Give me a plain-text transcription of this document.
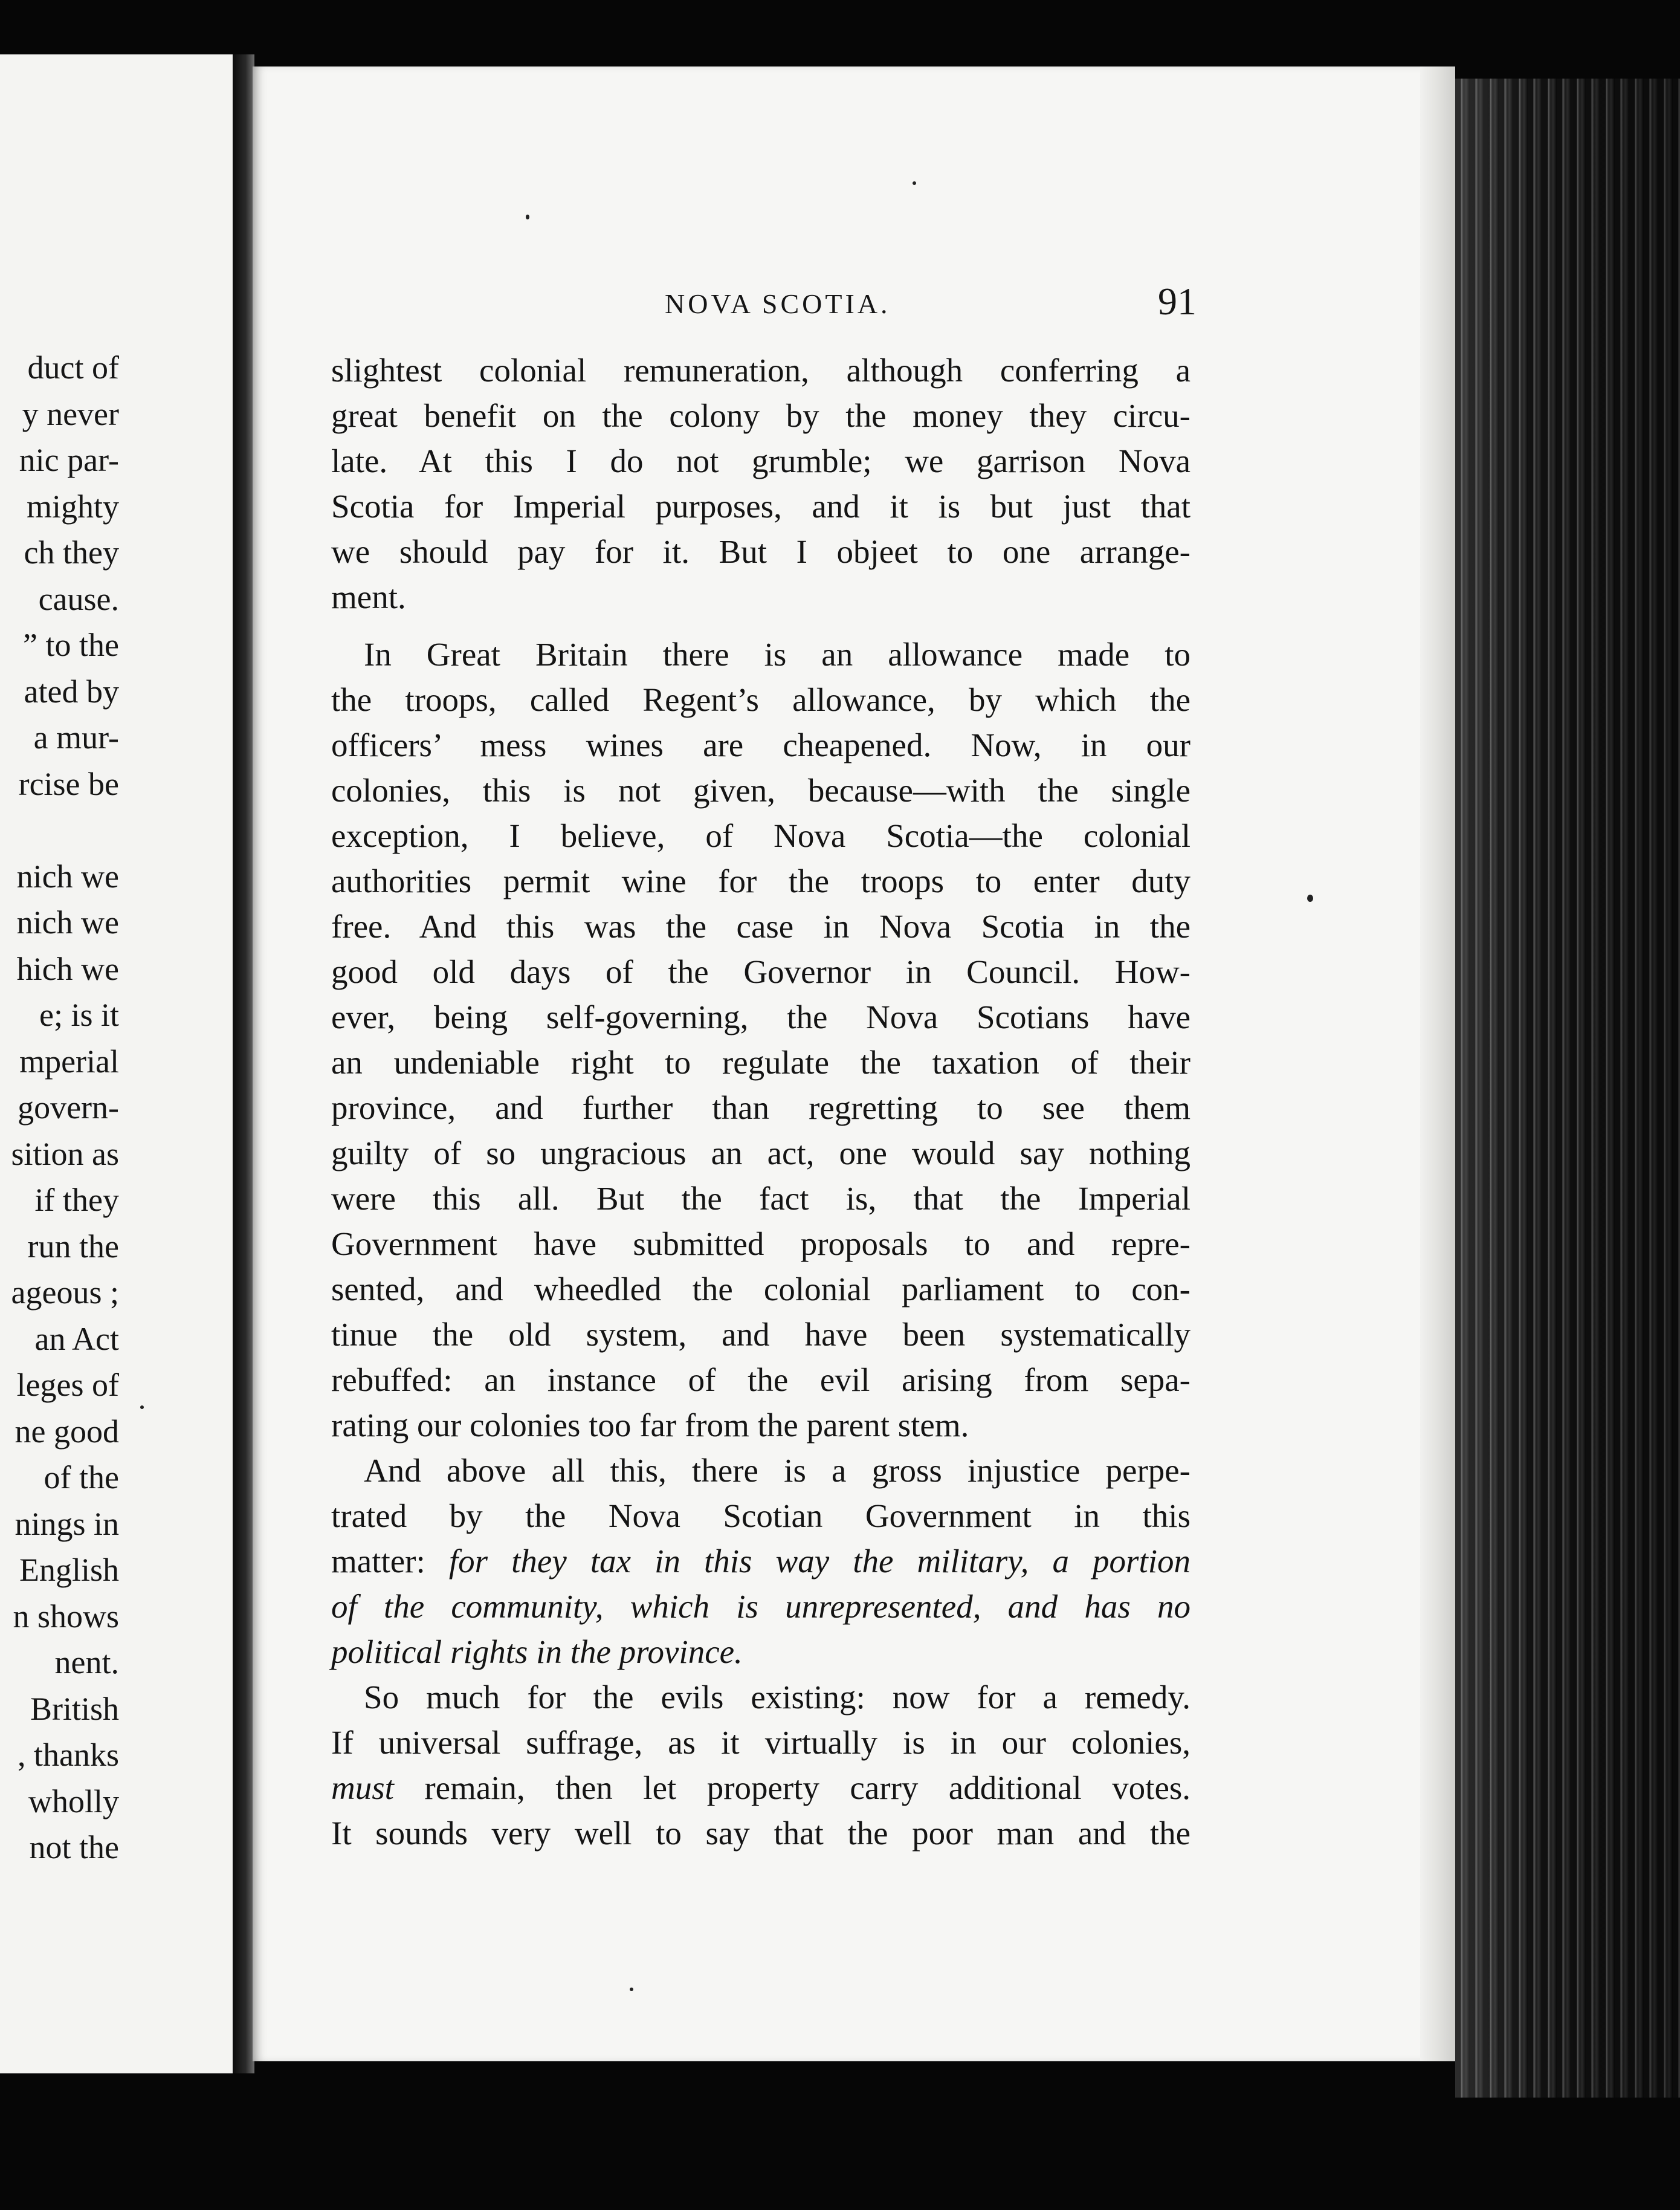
duct of
y never
nic par-
mighty
ch they
cause.
” to the
ated by
a mur-
rcise be
nich we
nich we
hich we
e; is it
mperial
govern-
sition as
if they
run the
ageous ;
an Act
leges of
ne good
of the
nings in
English
n shows
nent.
British
, thanks
wholly
not the
NOVA SCOTIA.	91
slightest colonial remuneration, although conferring a
great benefit on the colony by the money they circu-
late. At this I do not grumble; we garrison Nova
Scotia for Imperial purposes, and it is but just that
we should pay for it. But I objeet to one arrange-
ment.
In Great Britain there is an allowance made to
the troops, called Regent’s allowance, by which the
officers’ mess wines are cheapened. Now, in our
colonies, this is not given, because—with the single
exception, I believe, of Nova Scotia—the colonial
authorities permit wine for the troops to enter duty
free. And this was the case in Nova Scotia in the
good old days of the Governor in Council. How-
ever, being self-governing, the Nova Scotians have
an undeniable right to regulate the taxation of their
province, and further than regretting to see them
guilty of so ungracious an act, one would say nothing
were this all. But the fact is, that the Imperial
Government have submitted proposals to and repre-
sented, and wheedled the colonial parliament to con-
tinue the old system, and have been systematically
rebuffed: an instance of the evil arising from sepa-
rating our colonies too far from the parent stem.
And above all this, there is a gross injustice perpe-
trated by the Nova Scotian Government in this
matter: for they tax in this way the military, a portion
of the community, which is unrepresented, and has no
political rights in the province.
So much for the evils existing: now for a remedy.
If universal suffrage, as it virtually is in our colonies,
must remain, then let property carry additional votes.
It sounds very well to say that the poor man and the
